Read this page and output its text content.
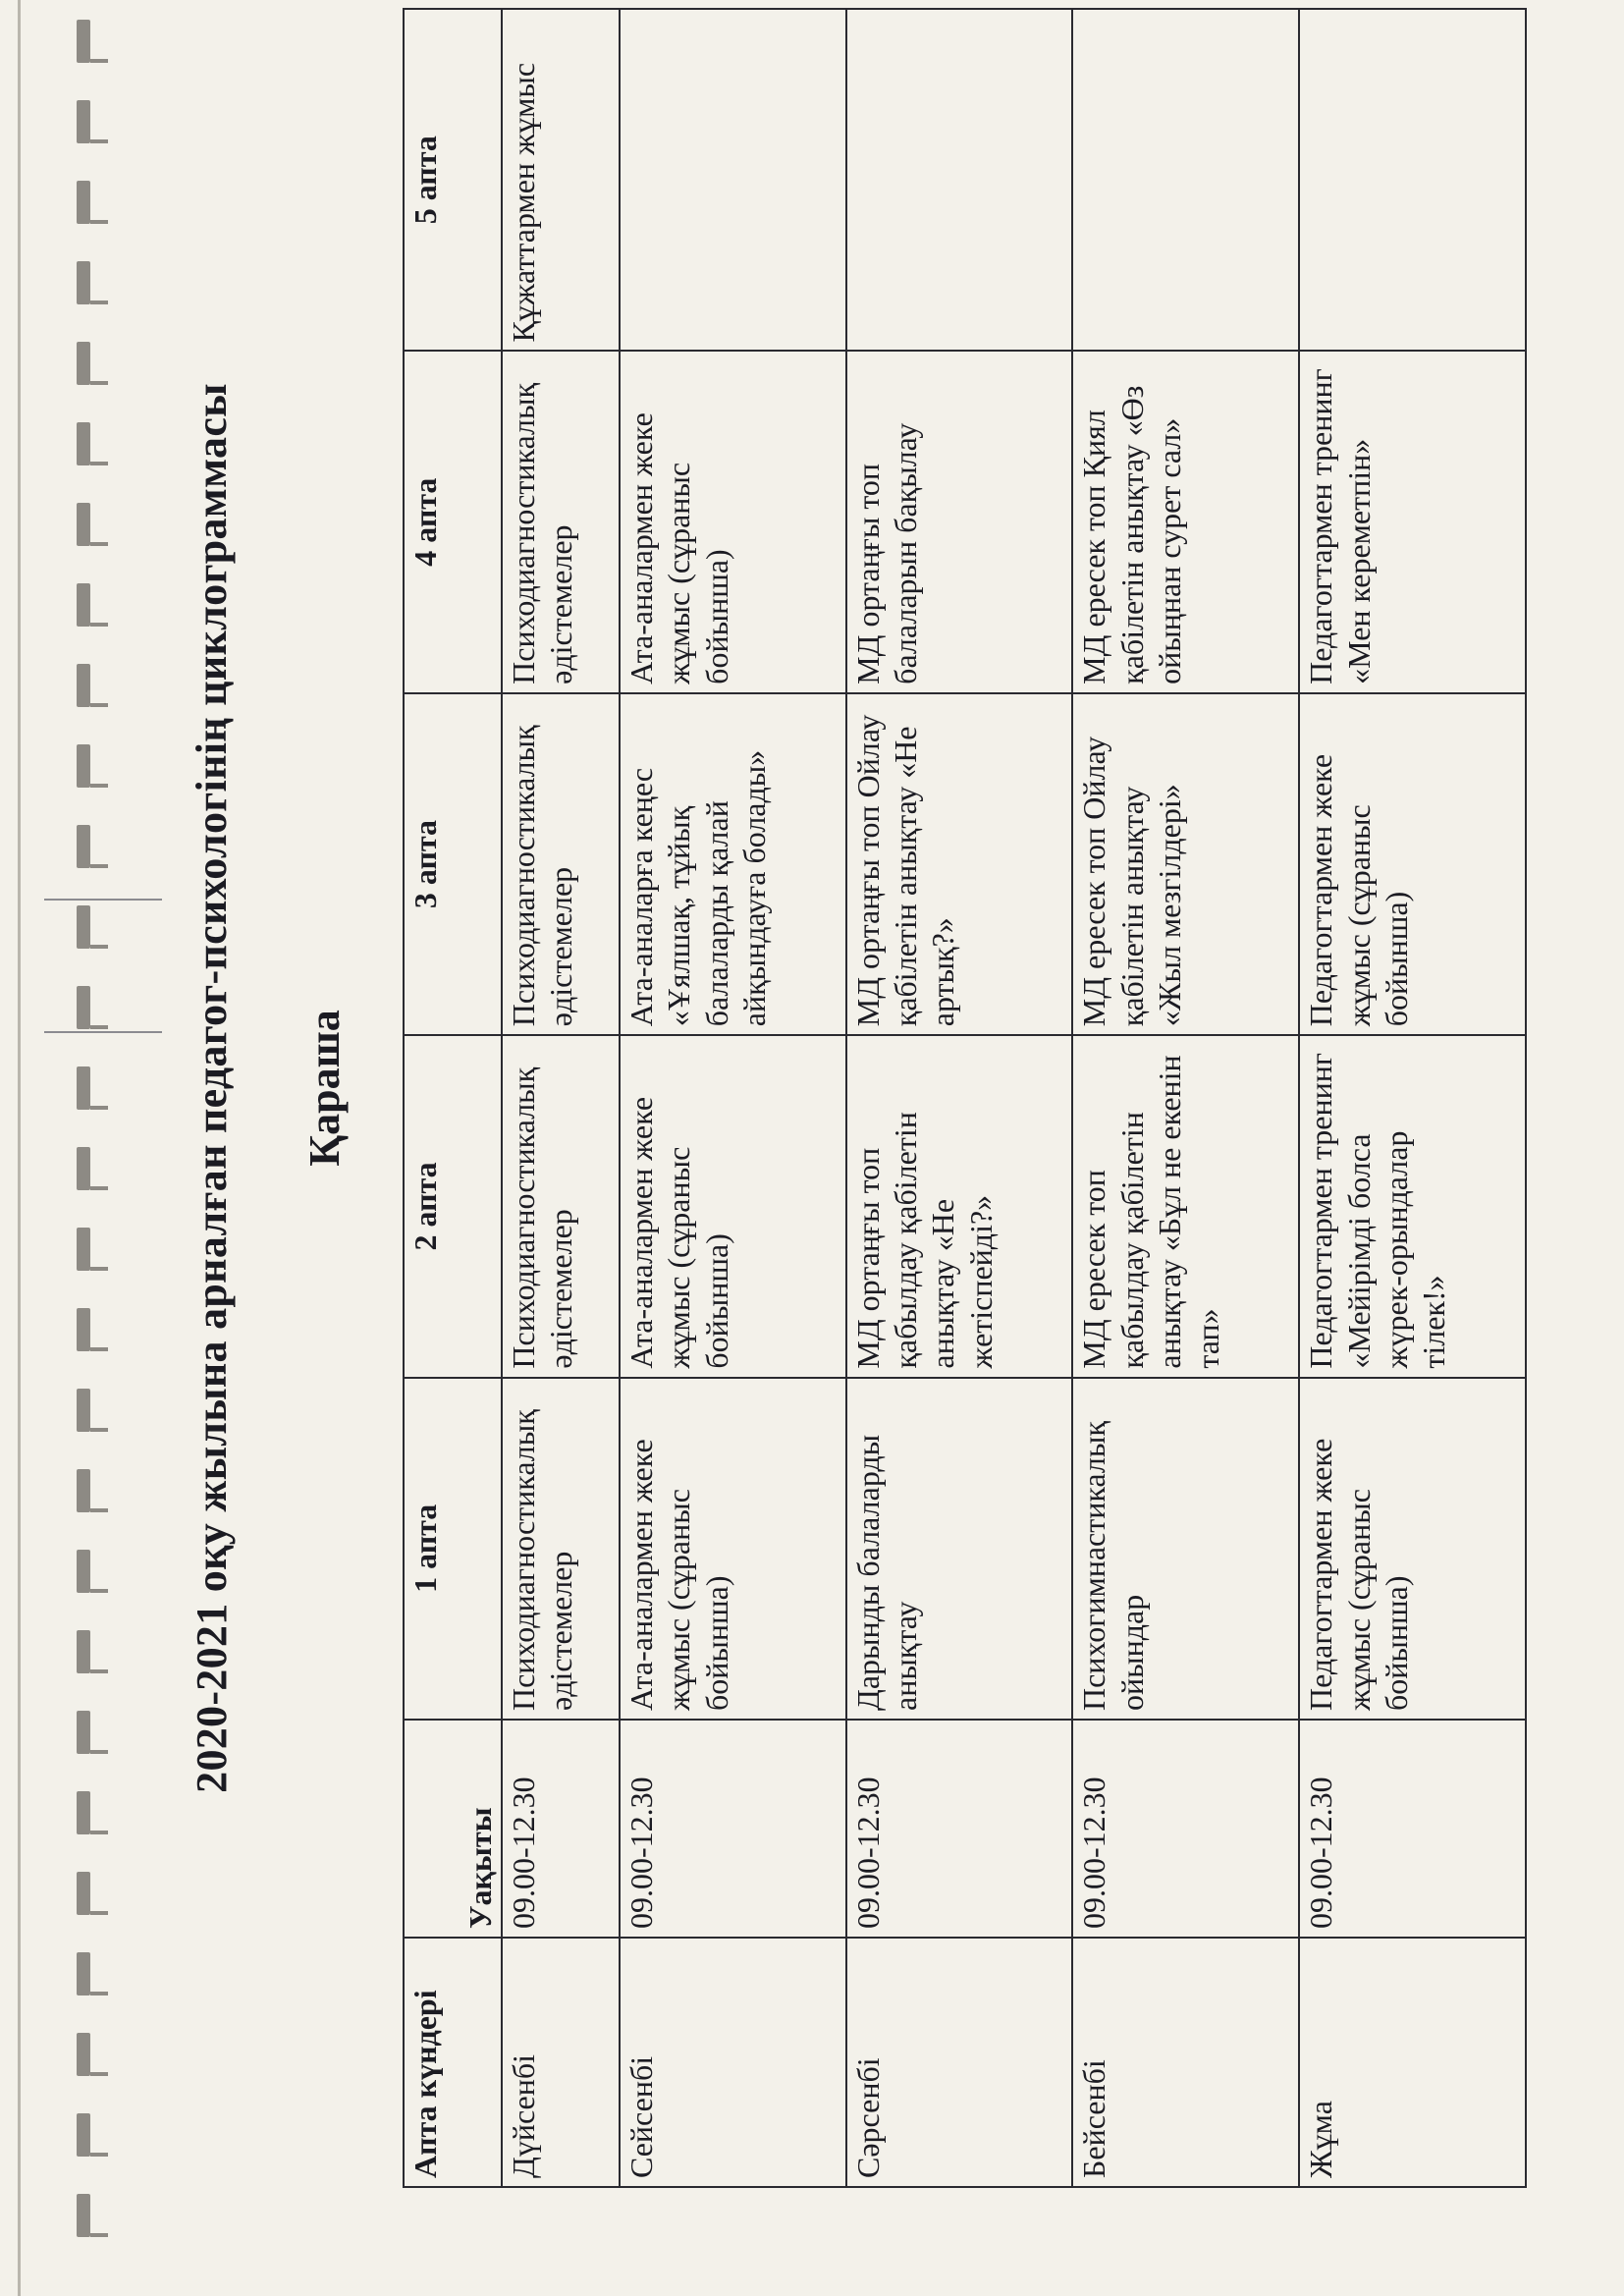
2020-2021 оқу жылына арналған педагог-психологінің циклограммасы Қараша
Апта күндері	Уақыты	1 апта	2 апта	3 апта	4 апта	5 апта
Дүйсенбі	09.00-12.30	Психодиагностикалық әдістемелер	Психодиагностикалық әдістемелер	Психодиагностикалық әдістемелер	Психодиагностикалық әдістемелер	Құжаттармен жұмыс
Сейсенбі	09.00-12.30	Ата-аналармен жеке жұмыс (сұраныс бойынша)	Ата-аналармен жеке жұмыс (сұраныс бойынша)	Ата-аналарға кеңес «Ұялшақ, тұйық балаларды қалай айқындауға болады»	Ата-аналармен жеке жұмыс (сұраныс бойынша)	
Сәрсенбі	09.00-12.30	Дарынды балаларды анықтау	МД ортаңғы топ қабылдау қабілетін анықтау «Не жетіспейді?»	МД ортаңғы топ Ойлау қабілетін анықтау «Не артық?»	МД ортаңғы топ балаларын бақылау	
Бейсенбі	09.00-12.30	Психогимнастикалық ойындар	МД ересек топ қабылдау қабілетін анықтау «Бұл не екенін тап»	МД ересек топ Ойлау қабілетін анықтау «Жыл мезгілдері»	МД ересек топ Қиял қабілетін анықтау «Өз ойыңнан сурет сал»	
Жұма	09.00-12.30	Педагогтармен жеке жұмыс (сұраныс бойынша)	Педагогтармен тренинг «Мейірімді болса жүрек-орындалар тілек!»	Педагогтармен жеке жұмыс (сұраныс бойынша)	Педагогтармен тренинг «Мен кереметпін»	
